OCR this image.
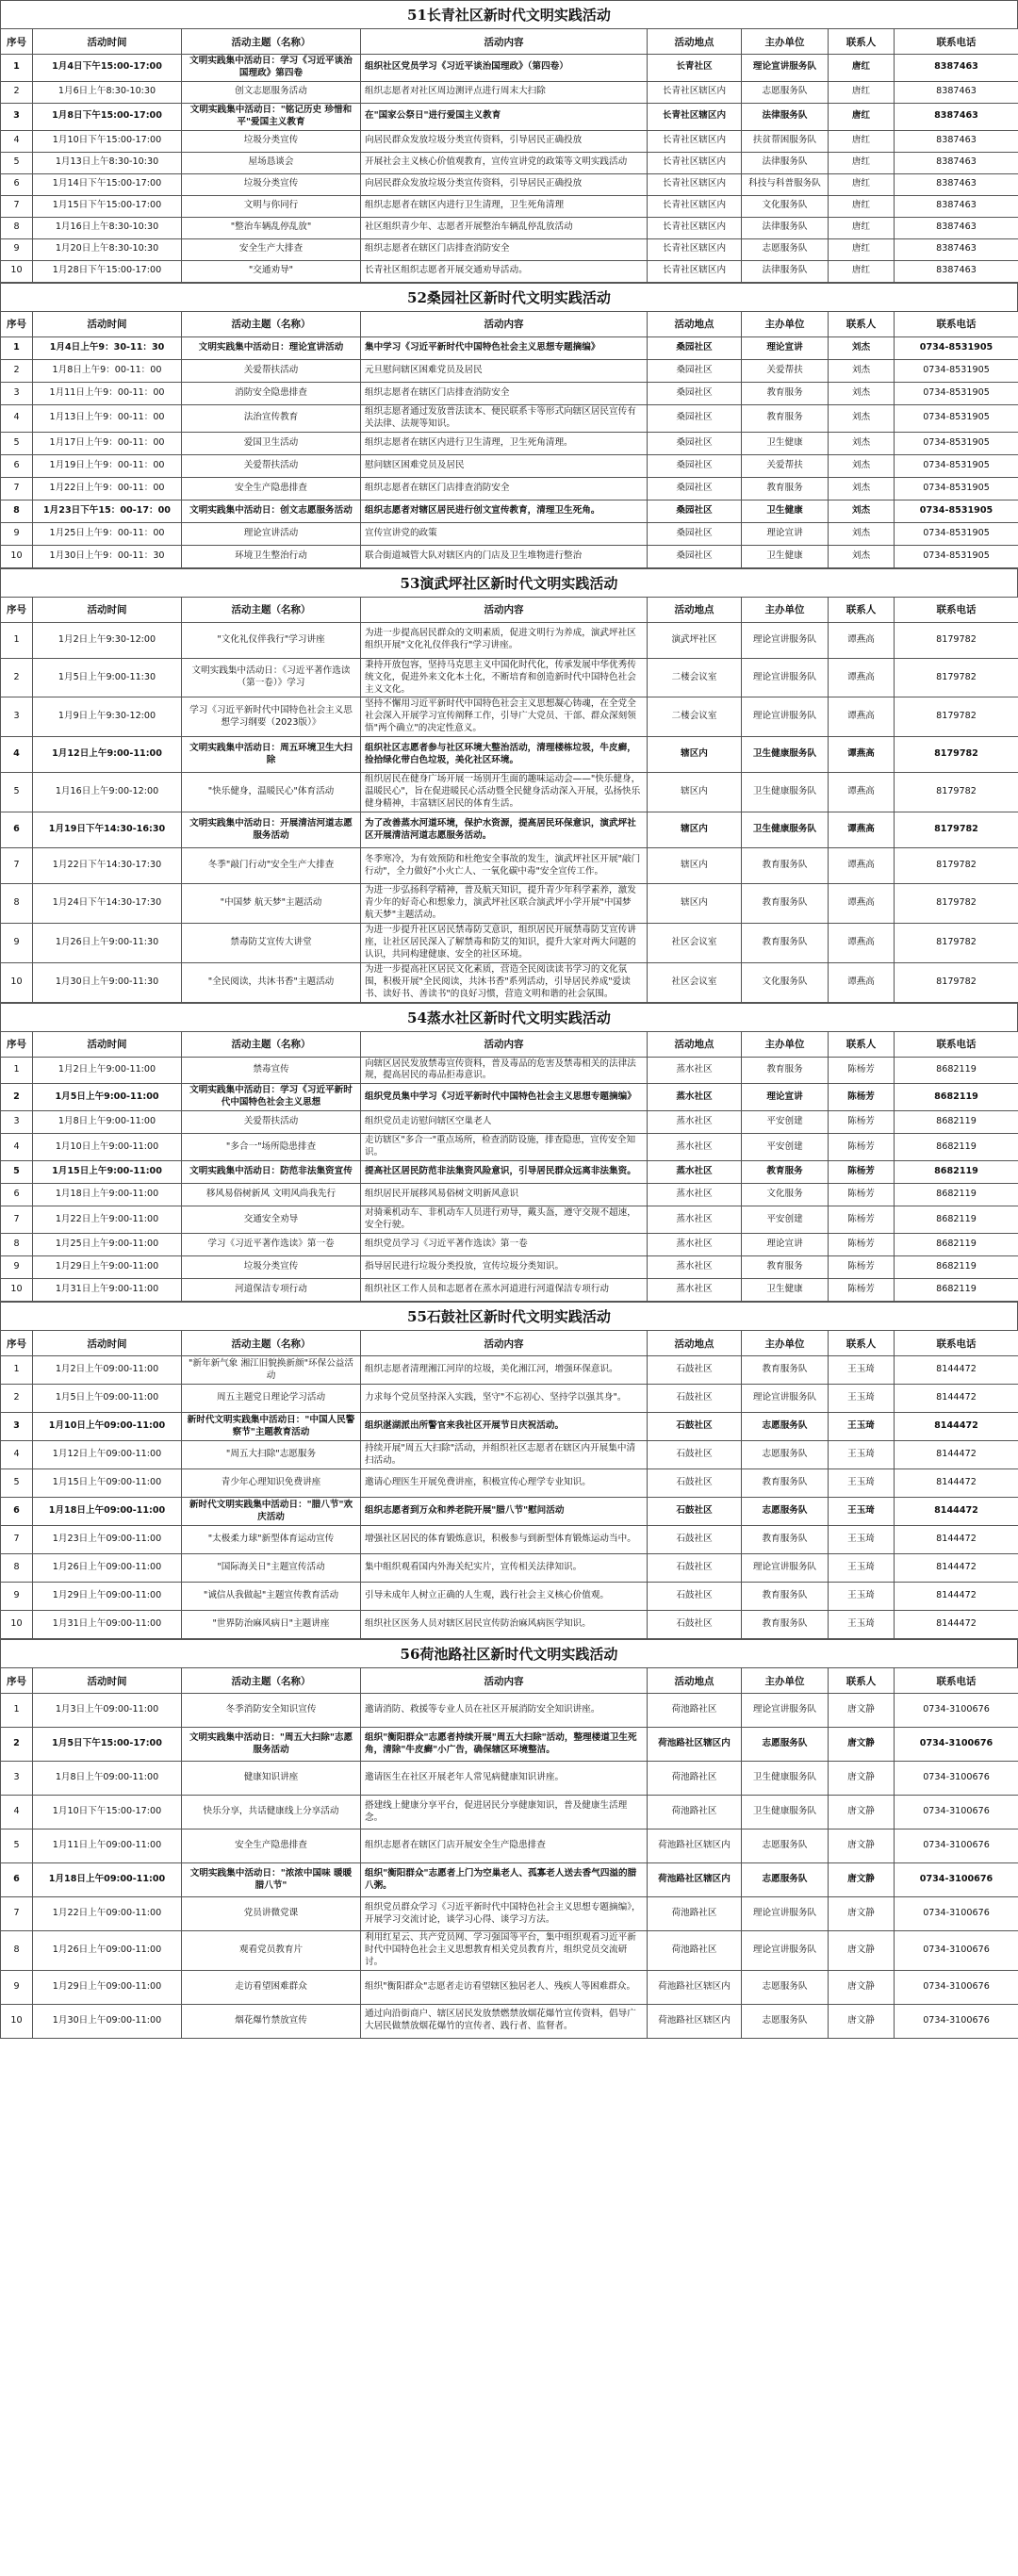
51长青社区新时代文明实践活动
序号	活动时间	活动主题（名称）	活动内容	活动地点	主办单位	联系人	联系电话
1	1月4日下午15:00-17:00	文明实践集中活动日：学习《习近平谈治国理政》第四卷	组织社区党员学习《习近平谈治国理政》（第四卷）	长青社区	理论宣讲服务队	唐红	8387463
2	1月6日上午8:30-10:30	创文志愿服务活动	组织志愿者对社区周边测评点进行周末大扫除	长青社区辖区内	志愿服务队	唐红	8387463
3	1月8日下午15:00-17:00	文明实践集中活动日："铭记历史 珍惜和平"爱国主义教育	在"国家公祭日"进行爱国主义教育	长青社区辖区内	法律服务队	唐红	8387463
4	1月10日下午15:00-17:00	垃圾分类宣传	向居民群众发放垃圾分类宣传资料，引导居民正确投放	长青社区辖区内	扶贫帮困服务队	唐红	8387463
5	1月13日上午8:30-10:30	屋场恳谈会	开展社会主义核心价值观教育，宣传宣讲党的政策等文明实践活动	长青社区辖区内	法律服务队	唐红	8387463
6	1月14日下午15:00-17:00	垃圾分类宣传	向居民群众发放垃圾分类宣传资料，引导居民正确投放	长青社区辖区内	科技与科普服务队	唐红	8387463
7	1月15日下午15:00-17:00	文明与你同行	组织志愿者在辖区内进行卫生清理，卫生死角清理	长青社区辖区内	文化服务队	唐红	8387463
8	1月16日上午8:30-10:30	"整治车辆乱停乱放"	社区组织青少年、志愿者开展整治车辆乱停乱放活动	长青社区辖区内	法律服务队	唐红	8387463
9	1月20日上午8:30-10:30	安全生产大排查	组织志愿者在辖区门店排查消防安全	长青社区辖区内	志愿服务队	唐红	8387463
10	1月28日下午15:00-17:00	"交通劝导"	长青社区组织志愿者开展交通劝导活动。	长青社区辖区内	法律服务队	唐红	8387463
52桑园社区新时代文明实践活动
序号	活动时间	活动主题（名称）	活动内容	活动地点	主办单位	联系人	联系电话
1	1月4日上午9：30-11：30	文明实践集中活动日：理论宣讲活动	集中学习《习近平新时代中国特色社会主义思想专题摘编》	桑园社区	理论宣讲	刘杰	0734-8531905
2	1月8日上午9：00-11：00	关爱帮扶活动	元旦慰问辖区困难党员及居民	桑园社区	关爱帮扶	刘杰	0734-8531905
3	1月11日上午9：00-11：00	消防安全隐患排查	组织志愿者在辖区门店排查消防安全	桑园社区	教育服务	刘杰	0734-8531905
4	1月13日上午9：00-11：00	法治宣传教育	组织志愿者通过发放普法读本、便民联系卡等形式向辖区居民宣传有关法律、法规等知识。	桑园社区	教育服务	刘杰	0734-8531905
5	1月17日上午9：00-11：00	爱国卫生活动	组织志愿者在辖区内进行卫生清理，卫生死角清理。	桑园社区	卫生健康	刘杰	0734-8531905
6	1月19日上午9：00-11：00	关爱帮扶活动	慰问辖区困难党员及居民	桑园社区	关爱帮扶	刘杰	0734-8531905
7	1月22日上午9：00-11：00	安全生产隐患排查	组织志愿者在辖区门店排查消防安全	桑园社区	教育服务	刘杰	0734-8531905
8	1月23日下午15：00-17：00	文明实践集中活动日：创文志愿服务活动	组织志愿者对辖区居民进行创文宣传教育，清理卫生死角。	桑园社区	卫生健康	刘杰	0734-8531905
9	1月25日上午9：00-11：00	理论宣讲活动	宣传宣讲党的政策	桑园社区	理论宣讲	刘杰	0734-8531905
10	1月30日上午9：00-11：30	环境卫生整治行动	联合街道城管大队对辖区内的门店及卫生堆物进行整治	桑园社区	卫生健康	刘杰	0734-8531905
53演武坪社区新时代文明实践活动
序号	活动时间	活动主题（名称）	活动内容	活动地点	主办单位	联系人	联系电话
1	1月2日上午9:30-12:00	"文化礼仪伴我行"学习讲座	为进一步提高居民群众的文明素质，促进文明行为养成，演武坪社区组织开展"文化礼仪伴我行"学习讲座。	演武坪社区	理论宣讲服务队	谭燕高	8179782
2	1月5日上午9:00-11:30	文明实践集中活动日：《习近平著作选读（第一卷）》学习	秉持开放包容，坚持马克思主义中国化时代化，传承发展中华优秀传统文化，促进外来文化本土化，不断培育和创造新时代中国特色社会主义文化。	二楼会议室	理论宣讲服务队	谭燕高	8179782
3	1月9日上午9:30-12:00	学习《习近平新时代中国特色社会主义思想学习纲要（2023版）》	坚持不懈用习近平新时代中国特色社会主义思想凝心铸魂，在全党全社会深入开展学习宣传阐释工作，引导广大党员、干部、群众深刻领悟"两个确立"的决定性意义。	二楼会议室	理论宣讲服务队	谭燕高	8179782
4	1月12日上午9:00-11:00	文明实践集中活动日：周五环境卫生大扫除	组织社区志愿者参与社区环境大整治活动，清理楼栋垃圾，牛皮癣，捡拾绿化带白色垃圾，美化社区环境。	辖区内	卫生健康服务队	谭燕高	8179782
5	1月16日上午9:00-12:00	"快乐健身，温暖民心"体育活动	组织居民在健身广场开展一场别开生面的趣味运动会——"快乐健身，温暖民心"，旨在促进暖民心活动暨全民健身活动深入开展，弘扬快乐健身精神，丰富辖区居民的体育生活。	辖区内	卫生健康服务队	谭燕高	8179782
6	1月19日下午14:30-16:30	文明实践集中活动日：开展清洁河道志愿服务活动	为了改善蒸水河道环境，保护水资源，提高居民环保意识，演武坪社区开展清洁河道志愿服务活动。	辖区内	卫生健康服务队	谭燕高	8179782
7	1月22日下午14:30-17:30	冬季"敲门行动"安全生产大排查	冬季寒冷，为有效预防和杜绝安全事故的发生，演武坪社区开展"敲门行动"，全力做好"小火亡人、一氧化碳中毒"安全宣传工作。	辖区内	教育服务队	谭燕高	8179782
8	1月24日下午14:30-17:30	"中国梦 航天梦"主题活动	为进一步弘扬科学精神，普及航天知识，提升青少年科学素养，激发青少年的好奇心和想象力，演武坪社区联合演武坪小学开展"中国梦 航天梦"主题活动。	辖区内	教育服务队	谭燕高	8179782
9	1月26日上午9:00-11:30	禁毒防艾宣传大讲堂	为进一步提升社区居民禁毒防艾意识，组织居民开展禁毒防艾宣传讲座，让社区居民深入了解禁毒和防艾的知识，提升大家对两大问题的认识，共同构建健康、安全的社区环境。	社区会议室	教育服务队	谭燕高	8179782
10	1月30日上午9:00-11:30	"全民阅读，共沐书香"主题活动	为进一步提高社区居民文化素质，营造全民阅读读书学习的文化氛围，积极开展"全民阅读，共沐书香"系列活动，引导居民养成"爱读书、读好书、善读书"的良好习惯，营造文明和谐的社会氛围。	社区会议室	文化服务队	谭燕高	8179782
54蒸水社区新时代文明实践活动
序号	活动时间	活动主题（名称）	活动内容	活动地点	主办单位	联系人	联系电话
1	1月2日上午9:00-11:00	禁毒宣传	向辖区居民发放禁毒宣传资料，普及毒品的危害及禁毒相关的法律法规，提高居民的毒品拒毒意识。	蒸水社区	教育服务	陈杨芳	8682119
2	1月5日上午9:00-11:00	文明实践集中活动日：学习《习近平新时代中国特色社会主义思想	组织党员集中学习《习近平新时代中国特色社会主义思想专题摘编》	蒸水社区	理论宣讲	陈杨芳	8682119
3	1月8日上午9:00-11:00	关爱帮扶活动	组织党员走访慰问辖区空巢老人	蒸水社区	平安创建	陈杨芳	8682119
4	1月10日上午9:00-11:00	"多合一"场所隐患排查	走访辖区"多合一"重点场所，检查消防设施，排查隐患，宣传安全知识。	蒸水社区	平安创建	陈杨芳	8682119
5	1月15日上午9:00-11:00	文明实践集中活动日：防范非法集资宣传	提高社区居民防范非法集资风险意识，引导居民群众远离非法集资。	蒸水社区	教育服务	陈杨芳	8682119
6	1月18日上午9:00-11:00	移风易俗树新风 文明风尚我先行	组织居民开展移风易俗树文明新风意识	蒸水社区	文化服务	陈杨芳	8682119
7	1月22日上午9:00-11:00	交通安全劝导	对骑乘机动车、非机动车人员进行劝导，戴头盔，遵守交规不超速，安全行驶。	蒸水社区	平安创建	陈杨芳	8682119
8	1月25日上午9:00-11:00	学习《习近平著作选读》第一卷	组织党员学习《习近平著作选读》第一卷	蒸水社区	理论宣讲	陈杨芳	8682119
9	1月29日上午9:00-11:00	垃圾分类宣传	指导居民进行垃圾分类投放，宣传垃圾分类知识。	蒸水社区	教育服务	陈杨芳	8682119
10	1月31日上午9:00-11:00	河道保洁专项行动	组织社区工作人员和志愿者在蒸水河道进行河道保洁专项行动	蒸水社区	卫生健康	陈杨芳	8682119
55石鼓社区新时代文明实践活动
序号	活动时间	活动主题（名称）	活动内容	活动地点	主办单位	联系人	联系电话
1	1月2日上午09:00-11:00	"新年新气象 湘江旧貌换新颜"环保公益活动	组织志愿者清理湘江河岸的垃圾，美化湘江河，增强环保意识。	石鼓社区	教育服务队	王玉琦	8144472
2	1月5日上午09:00-11:00	周五主题党日理论学习活动	力求每个党员坚持深入实践，坚守"不忘初心、坚持学以强其身"。	石鼓社区	理论宣讲服务队	王玉琦	8144472
3	1月10日上午09:00-11:00	新时代文明实践集中活动日："中国人民警察节"主题教育活动	组织湛湖派出所警官来我社区开展节日庆祝活动。	石鼓社区	志愿服务队	王玉琦	8144472
4	1月12日上午09:00-11:00	"周五大扫除"志愿服务	持续开展"周五大扫除"活动，并组织社区志愿者在辖区内开展集中清扫活动。	石鼓社区	志愿服务队	王玉琦	8144472
5	1月15日上午09:00-11:00	青少年心理知识免费讲座	邀请心理医生开展免费讲座，积极宣传心理学专业知识。	石鼓社区	教育服务队	王玉琦	8144472
6	1月18日上午09:00-11:00	新时代文明实践集中活动日："腊八节"欢庆活动	组织志愿者到万众和养老院开展"腊八节"慰问活动	石鼓社区	志愿服务队	王玉琦	8144472
7	1月23日上午09:00-11:00	"太极柔力球"新型体育运动宣传	增强社区居民的体育锻炼意识，积极参与到新型体育锻炼运动当中。	石鼓社区	教育服务队	王玉琦	8144472
8	1月26日上午09:00-11:00	"国际海关日"主题宣传活动	集中组织观看国内外海关纪实片，宣传相关法律知识。	石鼓社区	理论宣讲服务队	王玉琦	8144472
9	1月29日上午09:00-11:00	"诚信从我做起"主题宣传教育活动	引导未成年人树立正确的人生观，践行社会主义核心价值观。	石鼓社区	教育服务队	王玉琦	8144472
10	1月31日上午09:00-11:00	"世界防治麻风病日"主题讲座	组织社区医务人员对辖区居民宣传防治麻风病医学知识。	石鼓社区	教育服务队	王玉琦	8144472
56荷池路社区新时代文明实践活动
序号	活动时间	活动主题（名称）	活动内容	活动地点	主办单位	联系人	联系电话
1	1月3日上午09:00-11:00	冬季消防安全知识宣传	邀请消防、救援等专业人员在社区开展消防安全知识讲座。	荷池路社区	理论宣讲服务队	唐文静	0734-3100676
2	1月5日下午15:00-17:00	文明实践集中活动日："周五大扫除"志愿服务活动	组织"衡阳群众"志愿者持续开展"周五大扫除"活动，整理楼道卫生死角，清除"牛皮癣"小广告，确保辖区环境整洁。	荷池路社区辖区内	志愿服务队	唐文静	0734-3100676
3	1月8日上午09:00-11:00	健康知识讲座	邀请医生在社区开展老年人常见病健康知识讲座。	荷池路社区	卫生健康服务队	唐文静	0734-3100676
4	1月10日下午15:00-17:00	快乐分享，共话健康线上分享活动	搭建线上健康分享平台，促进居民分享健康知识，普及健康生活理念。	荷池路社区	卫生健康服务队	唐文静	0734-3100676
5	1月11日上午09:00-11:00	安全生产隐患排查	组织志愿者在辖区门店开展安全生产隐患排查	荷池路社区辖区内	志愿服务队	唐文静	0734-3100676
6	1月18日上午09:00-11:00	文明实践集中活动日："浓浓中国味 暖暖腊八节"	组织"衡阳群众"志愿者上门为空巢老人、孤寡老人送去香气四溢的腊八粥。	荷池路社区辖区内	志愿服务队	唐文静	0734-3100676
7	1月22日上午09:00-11:00	党员讲微党课	组织党员群众学习《习近平新时代中国特色社会主义思想专题摘编》，开展学习交流讨论，谈学习心得、谈学习方法。	荷池路社区	理论宣讲服务队	唐文静	0734-3100676
8	1月26日上午09:00-11:00	观看党员教育片	利用红星云、共产党员网、学习强国等平台，集中组织观看习近平新时代中国特色社会主义思想教育相关党员教育片，组织党员交流研讨。	荷池路社区	理论宣讲服务队	唐文静	0734-3100676
9	1月29日上午09:00-11:00	走访看望困难群众	组织"衡阳群众"志愿者走访看望辖区独居老人、残疾人等困难群众。	荷池路社区辖区内	志愿服务队	唐文静	0734-3100676
10	1月30日上午09:00-11:00	烟花爆竹禁放宣传	通过向沿街商户、辖区居民发放禁燃禁放烟花爆竹宣传资料，倡导广大居民做禁放烟花爆竹的宣传者、践行者、监督者。	荷池路社区辖区内	志愿服务队	唐文静	0734-3100676
